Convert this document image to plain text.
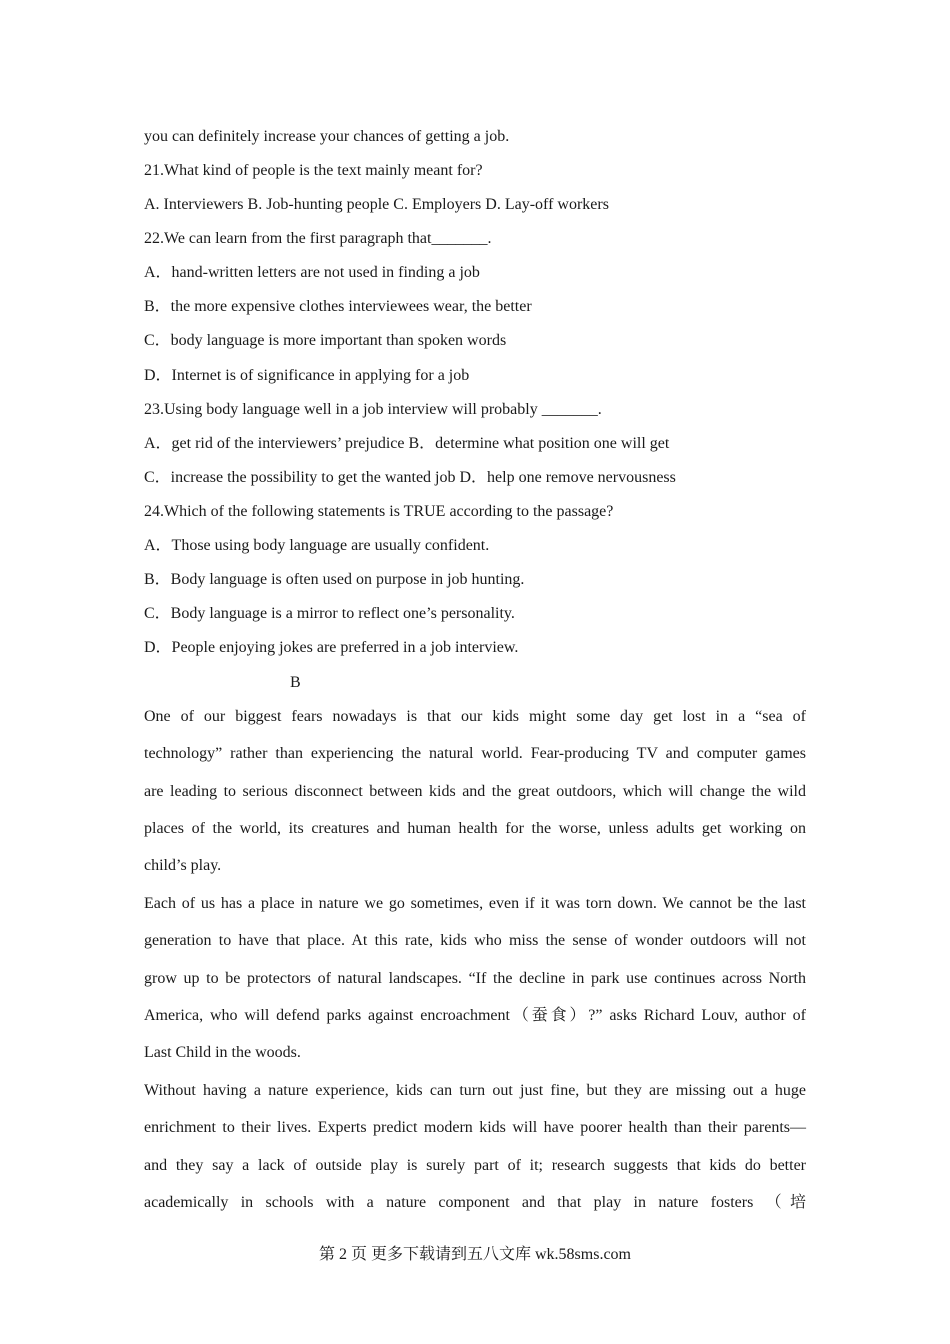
you can definitely increase your chances of getting a job.
21.What kind of people is the text mainly meant for?
A. Interviewers B. Job-hunting people C. Employers D. Lay-off workers
22.We can learn from the first paragraph that_______.
A．hand-written letters are not used in finding a job
B．the more expensive clothes interviewees wear, the better
C．body language is more important than spoken words
D．Internet is of significance in applying for a job
23.Using body language well in a job interview will probably _______.
A．get rid of the interviewers’ prejudice B．determine what position one will get
C．increase the possibility to get the wanted job D．help one remove nervousness
24.Which of the following statements is TRUE according to the passage?
A．Those using body language are usually confident.
B．Body language is often used on purpose in job hunting.
C．Body language is a mirror to reflect one’s personality.
D．People enjoying jokes are preferred in a job interview.
B
One of our biggest fears nowadays is that our kids might some day get lost in a “sea of
technology” rather than experiencing the natural world. Fear-producing TV and computer games
are leading to serious disconnect between kids and the great outdoors, which will change the wild
places of the world, its creatures and human health for the worse, unless adults get working on
child’s play.
Each of us has a place in nature we go sometimes, even if it was torn down. We cannot be the last
generation to have that place. At this rate, kids who miss the sense of wonder outdoors will not
grow up to be protectors of natural landscapes. “If the decline in park use continues across North
America, who will defend parks against encroachment（蚕食）?” asks Richard Louv, author of
Last Child in the woods.
Without having a nature experience, kids can turn out just fine, but they are missing out a huge
enrichment to their lives. Experts predict modern kids will have poorer health than their parents—
and they say a lack of outside play is surely part of it; research suggests that kids do better
academically in schools with a nature component and that play in nature fosters （培
第 2 页 更多下载请到五八文库 wk.58sms.com
